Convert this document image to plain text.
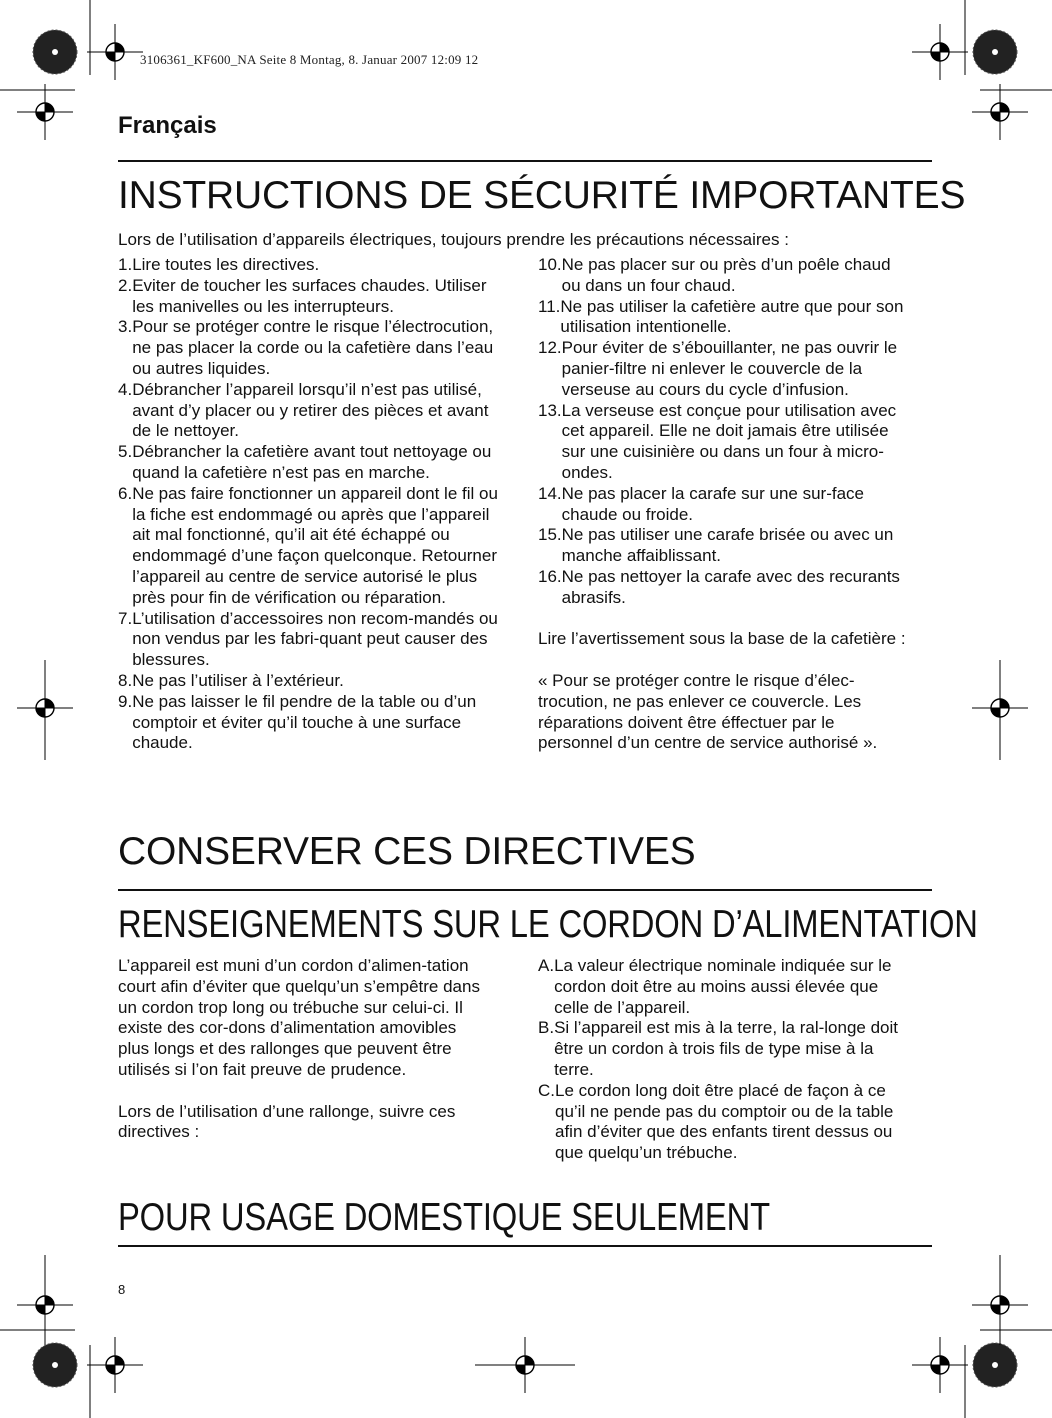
3106361_KF600_NA Seite 8 Montag, 8. Januar 2007 12:09 12
Français
INSTRUCTIONS DE SÉCURITÉ IMPORTANTES
Lors de l’utilisation d’appareils électriques, toujours prendre les précautions nécessaires :
1. Lire toutes les directives.
2. Eviter de toucher les surfaces chaudes. Utiliser les manivelles ou les interrupteurs.
3. Pour se protéger contre le risque l’électrocution, ne pas placer la corde ou la cafetière dans l’eau ou autres liquides.
4. Débrancher l’appareil lorsqu’il n’est pas utilisé, avant d’y placer ou y retirer des pièces et avant de le nettoyer.
5. Débrancher la cafetière avant tout nettoyage ou quand la cafetière n’est pas en marche.
6. Ne pas faire fonctionner un appareil dont le fil ou la fiche est endommagé ou après que l’appareil ait mal fonctionné, qu’il ait été échappé ou endommagé d’une façon quelconque. Retourner l’appareil au centre de service autorisé le plus près pour fin de vérification ou réparation.
7. L’utilisation d’accessoires non recom-mandés ou non vendus par les fabri-quant peut causer des blessures.
8. Ne pas l’utiliser à l’extérieur.
9. Ne pas laisser le fil pendre de la table ou d’un comptoir et éviter qu’il touche à une surface chaude.
10. Ne pas placer sur ou près d’un poêle chaud ou dans un four chaud.
11. Ne pas utiliser la cafetière autre que pour son utilisation intentionelle.
12. Pour éviter de s’ébouillanter, ne pas ouvrir le panier-filtre ni enlever le couvercle de la verseuse au cours du cycle d’infusion.
13. La verseuse est conçue pour utilisation avec cet appareil. Elle ne doit jamais être utilisée sur une cuisinière ou dans un four à micro-ondes.
14. Ne pas placer la carafe sur une sur-face chaude ou froide.
15. Ne pas utiliser une carafe brisée ou avec un manche affaiblissant.
16. Ne pas nettoyer la carafe avec des recurants abrasifs.

Lire l’avertissement sous la base de la cafetière :

« Pour se protéger contre le risque d’élec-trocution, ne pas enlever ce couvercle. Les réparations doivent être éffectuer par le personnel d’un centre de service authorisé ».

CONSERVER CES DIRECTIVES
RENSEIGNEMENTS SUR LE CORDON D’ALIMENTATION

L’appareil est muni d’un cordon d’alimen-tation court afin d’éviter que quelqu’un s’empêtre dans un cordon trop long ou trébuche sur celui-ci. Il existe des cor-dons d’alimentation amovibles plus longs et des rallonges que peuvent être utilisés si l’on fait preuve de prudence.

Lors de l’utilisation d’une rallonge, suivre ces directives :

A. La valeur électrique nominale indiquée sur le cordon doit être au moins aussi élevée que celle de l’appareil.
B. Si l’appareil est mis à la terre, la ral-longe doit être un cordon à trois fils de type mise à la terre.
C. Le cordon long doit être placé de façon à ce qu’il ne pende pas du comptoir ou de la table afin d’éviter que des enfants tirent dessus ou que quelqu’un trébuche.
POUR USAGE DOMESTIQUE SEULEMENT
8
